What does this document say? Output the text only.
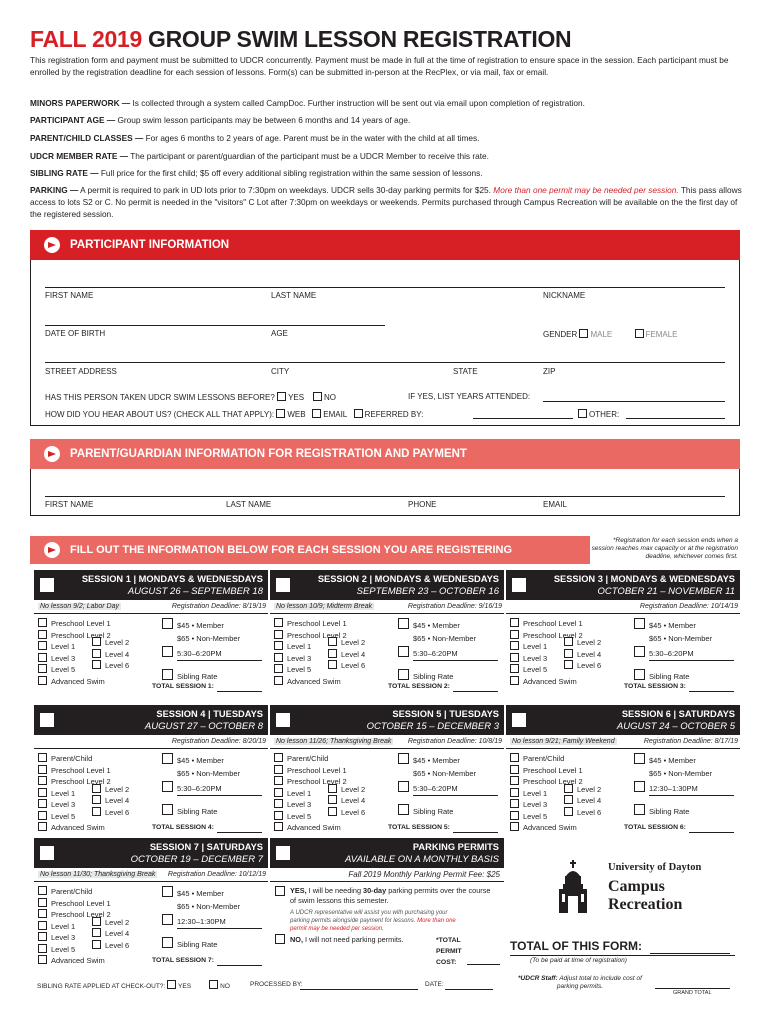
FALL 2019 GROUP SWIM LESSON REGISTRATION
This registration form and payment must be submitted to UDCR concurrently. Payment must be made in full at the time of registration to ensure space in the session. Each participant must be enrolled by the registration deadline for each session of lessons. Form(s) can be submitted in-person at the RecPlex, or via mail, fax or email.
MINORS PAPERWORK — Is collected through a system called CampDoc. Further instruction will be sent out via email upon completion of registration.
PARTICIPANT AGE — Group swim lesson participants may be between 6 months and 14 years of age.
PARENT/CHILD CLASSES — For ages 6 months to 2 years of age. Parent must be in the water with the child at all times.
UDCR MEMBER RATE — The participant or parent/guardian of the participant must be a UDCR Member to receive this rate.
SIBLING RATE — Full price for the first child; $5 off every additional sibling registration within the same session of lessons.
PARKING — A permit is required to park in UD lots prior to 7:30pm on weekdays. UDCR sells 30-day parking permits for $25. More than one permit may be needed per session. This pass allows access to lots S2 or C. No permit is needed in the "visitors" C Lot after 7:30pm on weekdays or weekends. Permits purchased through Campus Recreation will be available on the the first day of the registered session.
PARTICIPANT INFORMATION
FIRST NAME	LAST NAME	NICKNAME
DATE OF BIRTH	AGE	GENDER MALE	FEMALE
STREET ADDRESS	CITY	STATE	ZIP
HAS THIS PERSON TAKEN UDCR SWIM LESSONS BEFORE? YES NO	IF YES, LIST YEARS ATTENDED:
HOW DID YOU HEAR ABOUT US? (CHECK ALL THAT APPLY): WEB EMAIL REFERRED BY:	OTHER:
PARENT/GUARDIAN INFORMATION FOR REGISTRATION AND PAYMENT
FIRST NAME	LAST NAME	PHONE	EMAIL
FILL OUT THE INFORMATION BELOW FOR EACH SESSION YOU ARE REGISTERING
*Registration for each session ends when a session reaches max capacity or at the registration deadline, whichever comes first.
SESSION 1 | MONDAYS & WEDNESDAYS
AUGUST 26 – SEPTEMBER 18
No lesson 9/2; Labor Day	Registration Deadline: 8/19/19
Preschool Level 1
Preschool Level 2
Level 1	Level 2
Level 3	Level 4
Level 5	Level 6
Advanced Swim
$45 • Member
$65 • Non-Member
5:30–6:20PM
Sibling Rate
TOTAL SESSION 1:
SESSION 2 | MONDAYS & WEDNESDAYS
SEPTEMBER 23 – OCTOBER 16
No lesson 10/9; Midterm Break	Registration Deadline: 9/16/19
Preschool Level 1
Preschool Level 2
Level 1	Level 2
Level 3	Level 4
Level 5	Level 6
Advanced Swim
$45 • Member
$65 • Non-Member
5:30–6:20PM
Sibling Rate
TOTAL SESSION 2:
SESSION 3 | MONDAYS & WEDNESDAYS
OCTOBER 21 – NOVEMBER 11
Registration Deadline: 10/14/19
Preschool Level 1
Preschool Level 2
Level 1	Level 2
Level 3	Level 4
Level 5	Level 6
Advanced Swim
$45 • Member
$65 • Non-Member
5:30–6:20PM
Sibling Rate
TOTAL SESSION 3:
SESSION 4 | TUESDAYS
AUGUST 27 – OCTOBER 8
Registration Deadline: 8/20/19
Parent/Child
Preschool Level 1
Preschool Level 2
Level 1	Level 2
Level 3	Level 4
Level 5	Level 6
Advanced Swim
$45 • Member
$65 • Non-Member
5:30–6:20PM
Sibling Rate
TOTAL SESSION 4:
SESSION 5 | TUESDAYS
OCTOBER 15 – DECEMBER 3
No lesson 11/26; Thanksgiving Break Registration Deadline: 10/8/19
Parent/Child
Preschool Level 1
Preschool Level 2
Level 1	Level 2
Level 3	Level 4
Level 5	Level 6
Advanced Swim
$45 • Member
$65 • Non-Member
5:30–6:20PM
Sibling Rate
TOTAL SESSION 5:
SESSION 6 | SATURDAYS
AUGUST 24 – OCTOBER 5
No lesson 9/21; Family Weekend	Registration Deadline: 8/17/19
Parent/Child
Preschool Level 1
Preschool Level 2
Level 1	Level 2
Level 3	Level 4
Level 5	Level 6
Advanced Swim
$45 • Member
$65 • Non-Member
12:30–1:30PM
Sibling Rate
TOTAL SESSION 6:
SESSION 7 | SATURDAYS
OCTOBER 19 – DECEMBER 7
No lesson 11/30; Thanksgiving Break Registration Deadline: 10/12/19
Parent/Child
Preschool Level 1
Preschool Level 2
Level 1	Level 2
Level 3	Level 4
Level 5	Level 6
Advanced Swim
$45 • Member
$65 • Non-Member
12:30–1:30PM
Sibling Rate
TOTAL SESSION 7:
PARKING PERMITS
AVAILABLE ON A MONTHLY BASIS
Fall 2019 Monthly Parking Permit Fee: $25
YES, I will be needing 30-day parking permits over the course of swim lessons this semester.
A UDCR representative will assist you with purchasing your parking permits alongside payment for lessons. More than one permit may be needed per session.
NO, I will not need parking permits.	*TOTAL PERMIT COST:
University of Dayton
Campus
Recreation
TOTAL OF THIS FORM:
(To be paid at time of registration)
*UDCR Staff: Adjust total to include cost of parking permits.
GRAND TOTAL
SIBLING RATE APPLIED AT CHECK-OUT?: YES	NO	PROCESSED BY:	DATE:
